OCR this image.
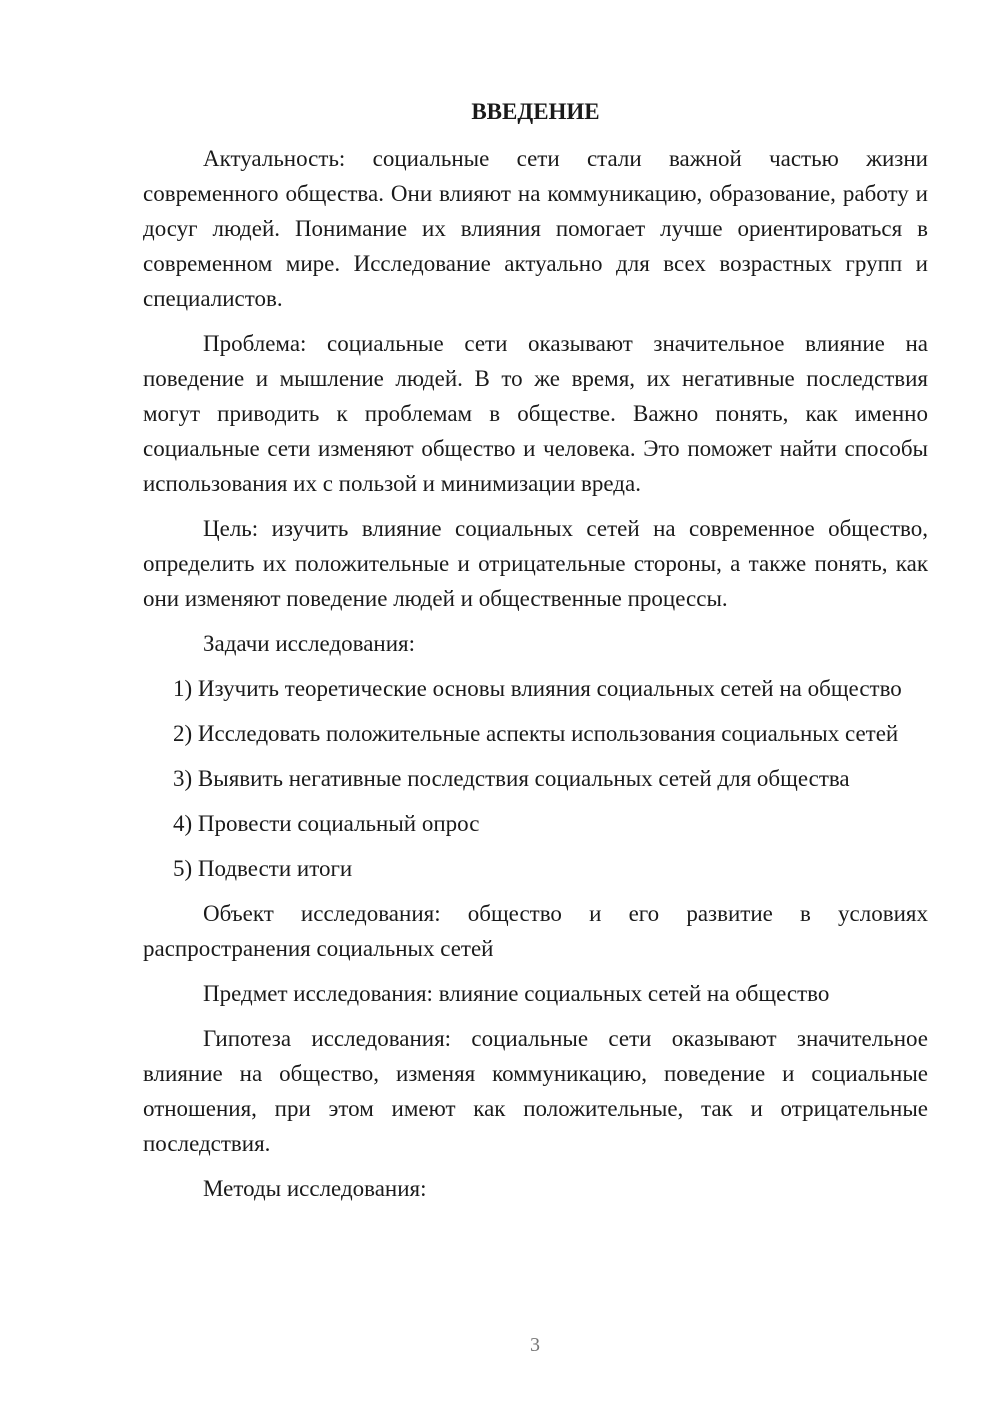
ВВЕДЕНИЕ

Актуальность: социальные сети стали важной частью жизни современного общества. Они влияют на коммуникацию, образование, работу и досуг людей. Понимание их влияния помогает лучше ориентироваться в современном мире. Исследование актуально для всех возрастных групп и специалистов.

Проблема: социальные сети оказывают значительное влияние на поведение и мышление людей. В то же время, их негативные последствия могут приводить к проблемам в обществе. Важно понять, как именно социальные сети изменяют общество и человека. Это поможет найти способы использования их с пользой и минимизации вреда.

Цель: изучить влияние социальных сетей на современное общество, определить их положительные и отрицательные стороны, а также понять, как они изменяют поведение людей и общественные процессы.

Задачи исследования:

1) Изучить теоретические основы влияния социальных сетей на общество

2) Исследовать положительные аспекты использования социальных сетей

3) Выявить негативные последствия социальных сетей для общества

4) Провести социальный опрос

5) Подвести итоги

Объект исследования: общество и его развитие в условиях распространения социальных сетей

Предмет исследования: влияние социальных сетей на общество

Гипотеза исследования: социальные сети оказывают значительное влияние на общество, изменяя коммуникацию, поведение и социальные отношения, при этом имеют как положительные, так и отрицательные последствия.

Методы исследования:

3
